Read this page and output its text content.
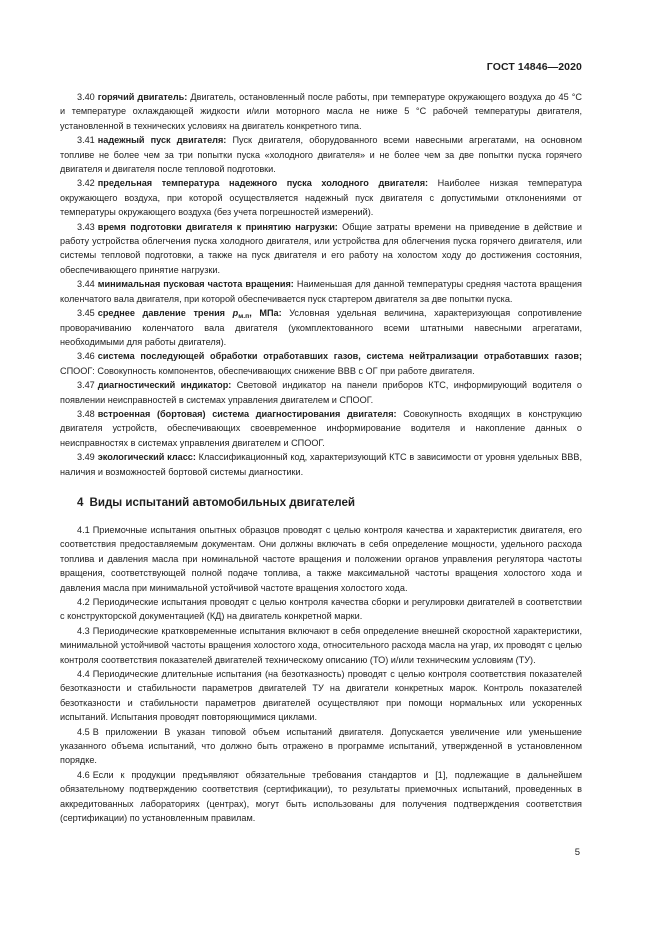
ГОСТ 14846—2020

3.40 горячий двигатель: Двигатель, остановленный после работы, при температуре окружающего воздуха до 45 °С и температуре охлаждающей жидкости и/или моторного масла не ниже 5 °С рабочей температуры двигателя, установленной в технических условиях на двигатель конкретного типа.

3.41 надежный пуск двигателя: Пуск двигателя, оборудованного всеми навесными агрегатами, на основном топливе не более чем за три попытки пуска «холодного двигателя» и не более чем за две попытки пуска горячего двигателя и двигателя после тепловой подготовки.

3.42 предельная температура надежного пуска холодного двигателя: Наиболее низкая температура окружающего воздуха, при которой осуществляется надежный пуск двигателя с допустимыми отклонениями от температуры окружающего воздуха (без учета погрешностей измерений).

3.43 время подготовки двигателя к принятию нагрузки: Общие затраты времени на приведение в действие и работу устройства облегчения пуска холодного двигателя, или устройства для облегчения пуска горячего двигателя, или системы тепловой подготовки, а также на пуск двигателя и его работу на холостом ходу до достижения состояния, обеспечивающего принятие нагрузки.

3.44 минимальная пусковая частота вращения: Наименьшая для данной температуры средняя частота вращения коленчатого вала двигателя, при которой обеспечивается пуск стартером двигателя за две попытки пуска.

3.45 среднее давление трения $p_{м.п}$, МПа: Условная удельная величина, характеризующая сопротивление проворачиванию коленчатого вала двигателя (укомплектованного всеми штатными навесными агрегатами, необходимыми для работы двигателя).

3.46 система последующей обработки отработавших газов, система нейтрализации отработавших газов; СПООГ: Совокупность компонентов, обеспечивающих снижение ВВВ с ОГ при работе двигателя.

3.47 диагностический индикатор: Световой индикатор на панели приборов КТС, информирующий водителя о появлении неисправностей в системах управления двигателем и СПООГ.

3.48 встроенная (бортовая) система диагностирования двигателя: Совокупность входящих в конструкцию двигателя устройств, обеспечивающих своевременное информирование водителя и накопление данных о неисправностях в системах управления двигателем и СПООГ.

3.49 экологический класс: Классификационный код, характеризующий КТС в зависимости от уровня удельных ВВВ, наличия и возможностей бортовой системы диагностики.

4 Виды испытаний автомобильных двигателей

4.1 Приемочные испытания опытных образцов проводят с целью контроля качества и характеристик двигателя, его соответствия предоставляемым документам. Они должны включать в себя определение мощности, удельного расхода топлива и давления масла при номинальной частоте вращения и положении органов управления регулятора частоты вращения, соответствующей полной подаче топлива, а также максимальной частоты вращения холостого хода и давления масла при минимальной устойчивой частоте вращения холостого хода.

4.2 Периодические испытания проводят с целью контроля качества сборки и регулировки двигателей в соответствии с конструкторской документацией (КД) на двигатель конкретной марки.

4.3 Периодические кратковременные испытания включают в себя определение внешней скоростной характеристики, минимальной устойчивой частоты вращения холостого хода, относительного расхода масла на угар, их проводят с целью контроля соответствия показателей двигателей техническому описанию (ТО) и/или техническим условиям (ТУ).

4.4 Периодические длительные испытания (на безотказность) проводят с целью контроля соответствия показателей безотказности и стабильности параметров двигателей ТУ на двигатели конкретных марок. Контроль показателей безотказности и стабильности параметров двигателей осуществляют при помощи нормальных или ускоренных испытаний. Испытания проводят повторяющимися циклами.

4.5 В приложении В указан типовой объем испытаний двигателя. Допускается увеличение или уменьшение указанного объема испытаний, что должно быть отражено в программе испытаний, утвержденной в установленном порядке.

4.6 Если к продукции предъявляют обязательные требования стандартов и [1], подлежащие в дальнейшем обязательному подтверждению соответствия (сертификации), то результаты приемочных испытаний, проведенных в аккредитованных лабораториях (центрах), могут быть использованы для получения подтверждения соответствия (сертификации) по установленным правилам.

5
